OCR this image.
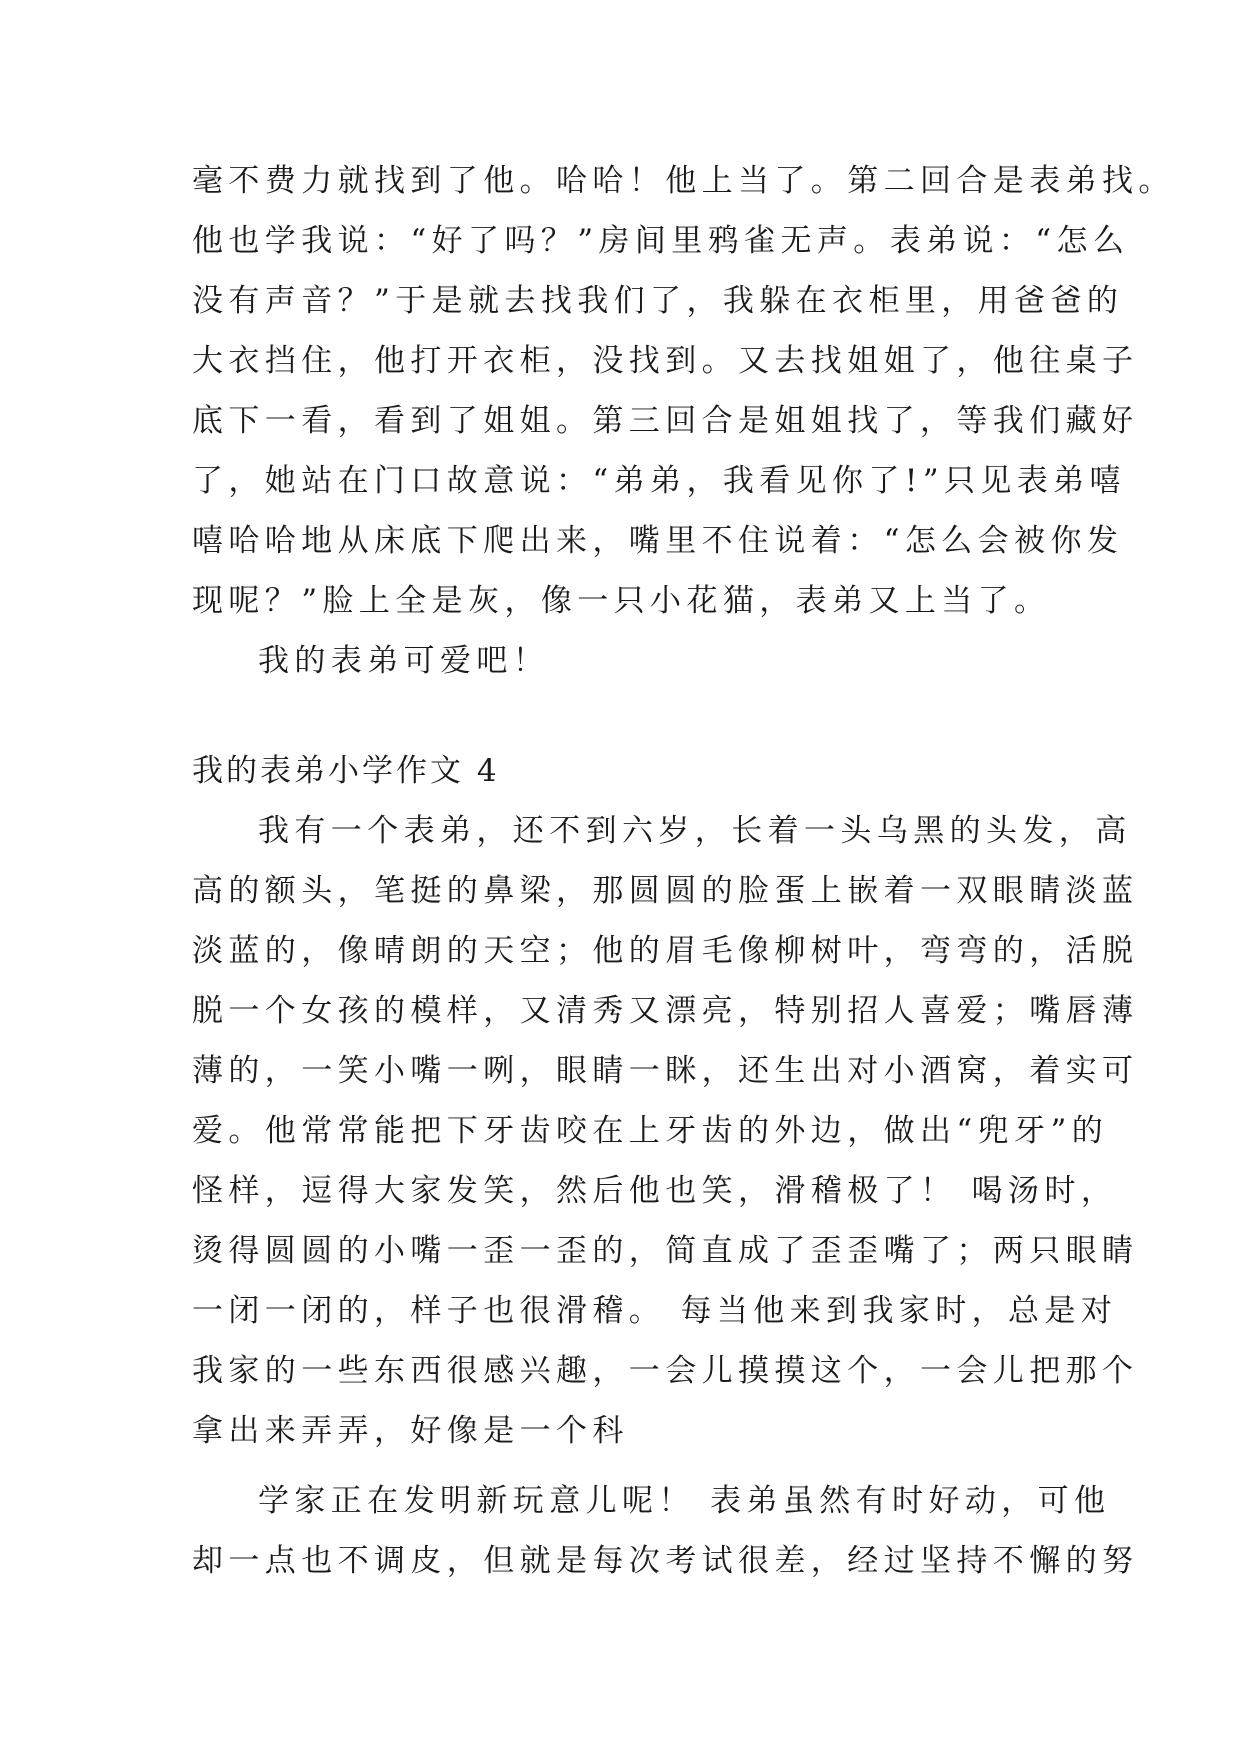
毫不费力就找到了他。哈哈！他上当了。第二回合是表弟找。
他也学我说：“好了吗？”房间里鸦雀无声。表弟说：“怎么
没有声音？”于是就去找我们了，我躲在衣柜里，用爸爸的
大衣挡住，他打开衣柜，没找到。又去找姐姐了，他往桌子
底下一看，看到了姐姐。第三回合是姐姐找了，等我们藏好
了，她站在门口故意说：“弟弟，我看见你了!”只见表弟嘻
嘻哈哈地从床底下爬出来，嘴里不住说着：“怎么会被你发
现呢？”脸上全是灰，像一只小花猫，表弟又上当了。
我的表弟可爱吧！
我的表弟小学作文 4
我有一个表弟，还不到六岁，长着一头乌黑的头发，高
高的额头，笔挺的鼻梁，那圆圆的脸蛋上嵌着一双眼睛淡蓝
淡蓝的，像晴朗的天空；他的眉毛像柳树叶，弯弯的，活脱
脱一个女孩的模样，又清秀又漂亮，特别招人喜爱；嘴唇薄
薄的，一笑小嘴一咧，眼睛一眯，还生出对小酒窝，着实可
爱。他常常能把下牙齿咬在上牙齿的外边，做出“兜牙”的
怪样，逗得大家发笑，然后他也笑，滑稽极了！ 喝汤时，
烫得圆圆的小嘴一歪一歪的，简直成了歪歪嘴了；两只眼睛
一闭一闭的，样子也很滑稽。 每当他来到我家时，总是对
我家的一些东西很感兴趣，一会儿摸摸这个，一会儿把那个
拿出来弄弄，好像是一个科
学家正在发明新玩意儿呢！ 表弟虽然有时好动，可他
却一点也不调皮，但就是每次考试很差，经过坚持不懈的努
